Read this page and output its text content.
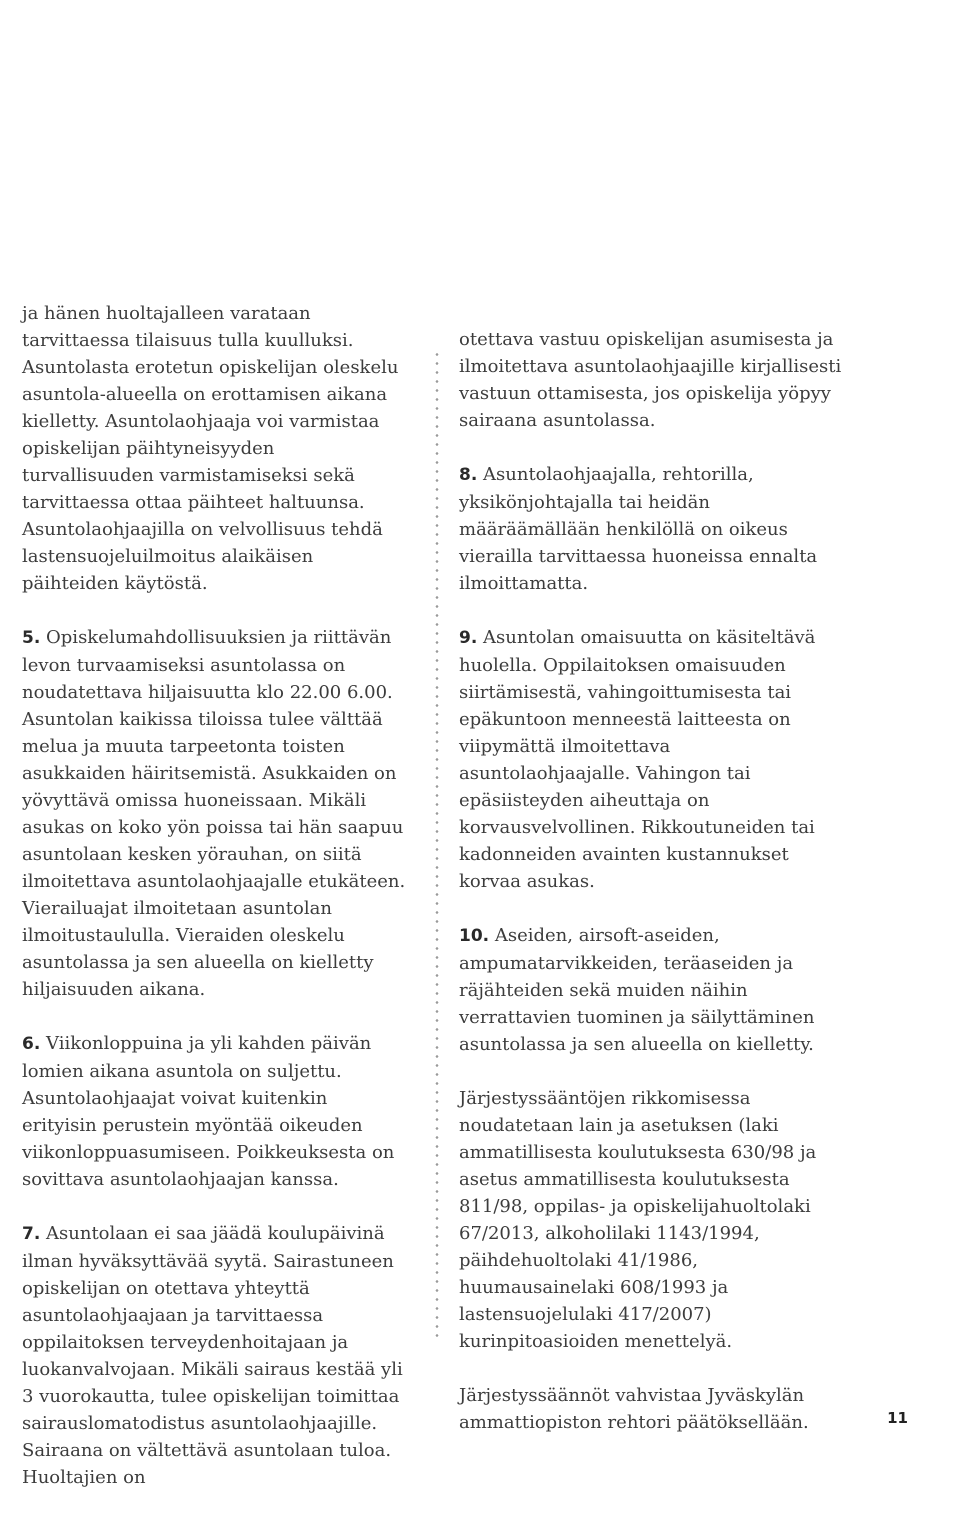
ja hänen huoltajalleen varataan tarvittaessa tilaisuus tulla kuulluksi. Asuntolasta erotetun opiskelijan oleskelu asuntola-alueella on erottamisen aikana kielletty. Asuntolaohjaaja voi varmistaa opiskelijan päihtyneisyyden turvallisuuden varmistamiseksi sekä tarvittaessa ottaa päihteet haltuunsa. Asuntolaohjaajilla on velvollisuus tehdä lastensuojeluilmoitus alaikäisen päihteiden käytöstä.

5. Opiskelumahdollisuuksien ja riittävän levon turvaamiseksi asuntolassa on noudatettava hiljaisuutta klo 22.00 6.00. Asuntolan kaikissa tiloissa tulee välttää melua ja muuta tarpeetonta toisten asukkaiden häiritsemistä. Asukkaiden on yövyttävä omissa huoneissaan. Mikäli asukas on koko yön poissa tai hän saapuu asuntolaan kesken yörauhan, on siitä ilmoitettava asuntolaohjaajalle etukäteen. Vierailuajat ilmoitetaan asuntolan ilmoitustaululla. Vieraiden oleskelu asuntolassa ja sen alueella on kielletty hiljaisuuden aikana.

6. Viikonloppuina ja yli kahden päivän lomien aikana asuntola on suljettu. Asuntolaohjaajat voivat kuitenkin erityisin perustein myöntää oikeuden viikonloppuasumiseen. Poikkeuksesta on sovittava asuntolaohjaajan kanssa.

7. Asuntolaan ei saa jäädä koulupäivinä ilman hyväksyttävää syytä. Sairastuneen opiskelijan on otettava yhteyttä asuntolaohjaajaan ja tarvittaessa oppilaitoksen terveydenhoitajaan ja luokanvalvojaan. Mikäli sairaus kestää yli 3 vuorokautta, tulee opiskelijan toimittaa sairauslomatodistus asuntolaohjaajille. Sairaana on vältettävä asuntolaan tuloa. Huoltajien on

otettava vastuu opiskelijan asumisesta ja ilmoitettava asuntolaohjaajille kirjallisesti vastuun ottamisesta, jos opiskelija yöpyy sairaana asuntolassa.

8. Asuntolaohjaajalla, rehtorilla, yksikönjohtajalla tai heidän määräämällään henkilöllä on oikeus vierailla tarvittaessa huoneissa ennalta ilmoittamatta.

9. Asuntolan omaisuutta on käsiteltävä huolella. Oppilaitoksen omaisuuden siirtämisestä, vahingoittumisesta tai epäkuntoon menneestä laitteesta on viipymättä ilmoitettava asuntolaohjaajalle. Vahingon tai epäsiisteyden aiheuttaja on korvausvelvollinen. Rikkoutuneiden tai kadonneiden avainten kustannukset korvaa asukas.

10. Aseiden, airsoft-aseiden, ampumatarvikkeiden, teräaseiden ja räjähteiden sekä muiden näihin verrattavien tuominen ja säilyttäminen asuntolassa ja sen alueella on kielletty.

Järjestyssääntöjen rikkomisessa noudatetaan lain ja asetuksen (laki ammatillisesta koulutuksesta 630/98 ja asetus ammatillisesta koulutuksesta 811/98, oppilas- ja opiskelijahuoltolaki 67/2013, alkoholilaki 1143/1994, päihdehuoltolaki 41/1986, huumausainelaki 608/1993 ja lastensuojelulaki 417/2007) kurinpitoasioiden menettelyä.

Järjestyssäännöt vahvistaa Jyväskylän ammattiopiston rehtori päätöksellään.	11
